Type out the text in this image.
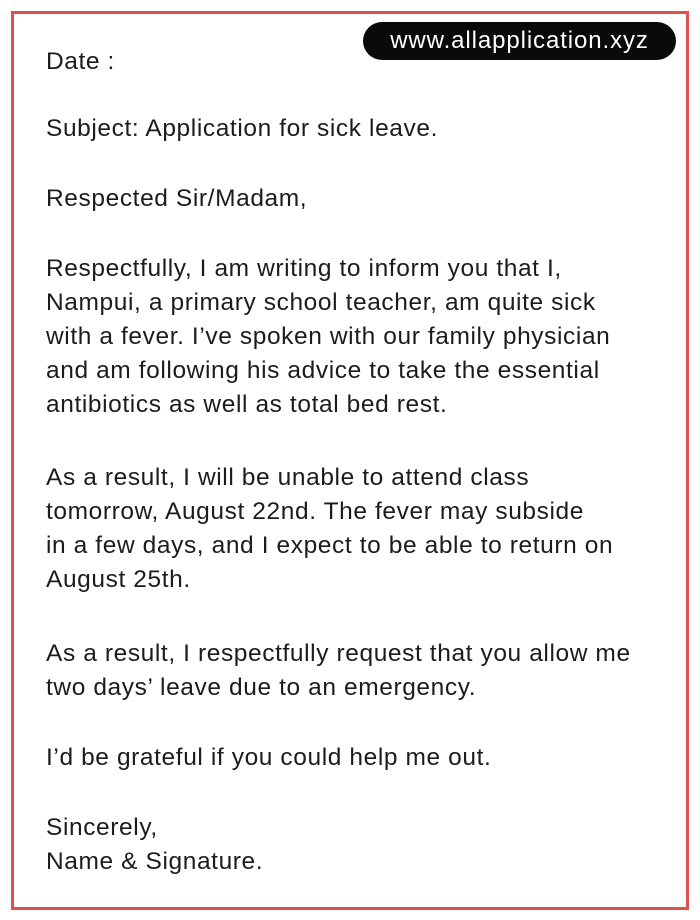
www.allapplication.xyz
Date :
Subject: Application for sick leave.
Respected Sir/Madam,
Respectfully, I am writing to inform you that I,
Nampui, a primary school teacher, am quite sick
with a fever. I’ve spoken with our family physician
and am following his advice to take the essential
antibiotics as well as total bed rest.
As a result, I will be unable to attend class
tomorrow, August 22nd. The fever may subside
in a few days, and I expect to be able to return on
August 25th.
As a result, I respectfully request that you allow me
two days’ leave due to an emergency.
I’d be grateful if you could help me out.
Sincerely,
Name & Signature.
